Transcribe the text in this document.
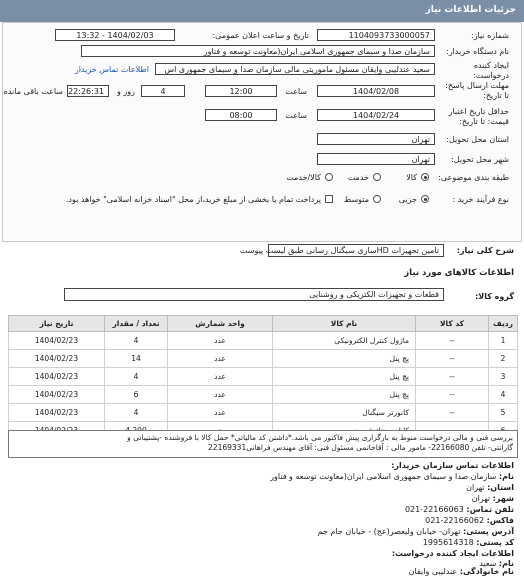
جزئیات اطلاعات نیاز
شماره نیاز:
1104093733000057
تاریخ و ساعت اعلان عمومی:
1404/02/03 - 13:32
نام دستگاه خریدار:
سازمان صدا و سیمای جمهوری اسلامی ایران(معاونت توسعه و فناور
ایجاد کننده درخواست:
سعید عندلیبی وایقان مسئول ماموریتی مالی سازمان صدا و سیمای جمهوری اس
اطلاعات تماس خریدار
مهلت ارسال پاسخ: تا تاریخ:
1404/02/08
ساعت
12:00
4
روز و
22:26:31
ساعت باقی مانده
حداقل تاریخ اعتبار قیمت: تا تاریخ:
1404/02/24
ساعت
08:00
استان محل تحویل:
تهران
شهر محل تحویل:
تهران
طبقه بندی موضوعی:
کالا
خدمت
کالا/خدمت
نوع فرآیند خرید :
جزیی
متوسط
پرداخت تمام یا بخشی از مبلغ خرید،از محل "اسناد خزانه اسلامی" خواهد بود.
شرح کلی نیاز:
تامین تجهیزات HDسازی سیگنال رسانی طبق لیست پیوست
اطلاعات کالاهای مورد نیاز
گروه کالا:
قطعات و تجهیزات الکتریکی و روشنایی
ردیف	کد کالا	نام کالا	واحد شمارش	تعداد / مقدار	تاریخ نیاز
1	--	ماژول کنترل الکترونیکی	عدد	4	1404/02/23
2	--	پچ پنل	عدد	14	1404/02/23
3	--	پچ پنل	عدد	4	1404/02/23
4	--	پچ پنل	عدد	6	1404/02/23
5	--	کانورتر سیگنال	عدد	4	1404/02/23

بررسی فنی و مالی درخواست منوط به بارگزاری پیش فاکتور می باشد.*داشتن کد مالیاتی* حمل کالا با فروشنده -پشتیبانی و
گارانتی- تلفن 22166080- مامور مالی : آقاحاتمی مسئول فنی: آقای مهندس فراهانی22169331
اطلاعات تماس سازمان خریدار:
نام: سازمان صدا و سیمای جمهوری اسلامی ایران(معاونت توسعه و فناور
استان: تهران
شهر: تهران
تلفن تماس: 22166063-021
فاکس: 22166062-021
آدرس پستی: تهران- خیابان ولیعصر(عج) - خیابان جام جم
کد پستی: 1995614318
اطلاعات ایجاد کننده درخواست:
نام: سعید
نام خانوادگی: عندلیبی وایقان
